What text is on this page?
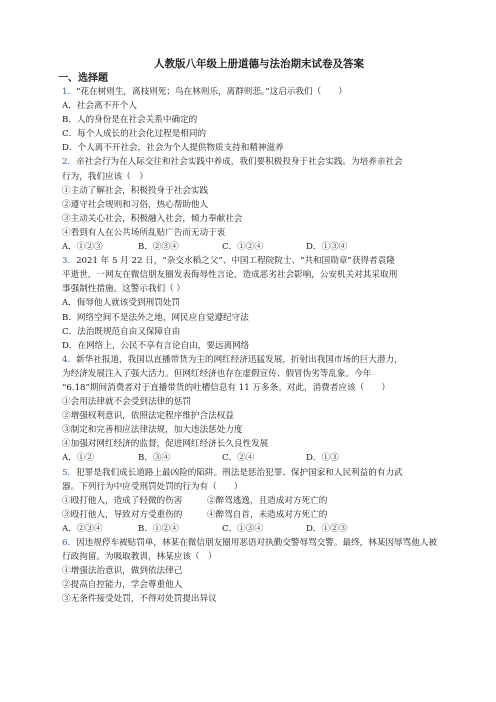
人教版八年级上册道德与法治期末试卷及答案
一、选择题
1．“花在树则生，离枝则死；鸟在林则乐，离群则悲。”这启示我们（　　）
A．社会离不开个人
B．人的身份是在社会关系中确定的
C．每个人成长的社会化过程是相同的
D．个人离不开社会，社会为个人提供物质支持和精神滋养
2．亲社会行为在人际交往和社会实践中养成，我们要积极投身于社会实践。为培养亲社会
行为，我们应该（　）
①主动了解社会，积极投身于社会实践
②遵守社会规则和习俗，热心帮助他人
③主动关心社会，积极融入社会，倾力奉献社会
④看到有人在公共场所乱贴广告而无动于衷
A．①②③	B．②③④	C．①②④	D．①③④
3．2021 年 5 月 22 日，“杂交水稻之父”、中国工程院院士、“共和国勋章”获得者袁隆
平逝世，一网友在微信朋友圈发表侮辱性言论，造成恶劣社会影响，公安机关对其采取刑
事强制性措施。这警示我们（ ）
A．侮辱他人就该受到刑罚处罚
B．网络空间不是法外之地，网民应自觉遵纪守法
C．法治既规范自由又保障自由
D．在网络上，公民不享有言论自由，要远离网络
4．新华社报道，我国以直播带货为主的网红经济迅猛发展，折射出我国市场的巨大潜力，
为经济发展注入了强大活力。但网红经济也存在虚假宣传、假冒伪劣等乱象。今年
“6.18”期间消费者对于直播带货的吐槽信息有 11 万多条。对此，消费者应该（　　）
①会用法律就不会受到法律的惩罚
②增强权利意识，依照法定程序维护合法权益
③制定和完善相应法律法规，加大违法惩处力度
④加强对网红经济的监督，促进网红经济长久良性发展
A．①②	B．③④	C．②④	D．①③
5．犯罪是我们成长道路上最凶险的陷阱。刑法是惩治犯罪、保护国家和人民利益的有力武
器。下列行为中应受刑罚处罚的行为有（　　）
①殴打他人，造成了轻微的伤害	②醉驾逃逸，且造成对方死亡的
③殴打他人，导致对方受重伤的	④醉驾自首，未造成对方死亡的
A．②③④	B．①②④	C．①③④	D．①②③
6．因违规停车被贴罚单，林某在微信朋友圈用恶语对执勤交警辱骂交警。最终，林某因辱骂他人被
行政拘留。为吸取教训，林某应该（　）
①增强法治意识，做到依法律己
②提高自控能力，学会尊重他人
③无条件接受处罚，不得对处罚提出异议
